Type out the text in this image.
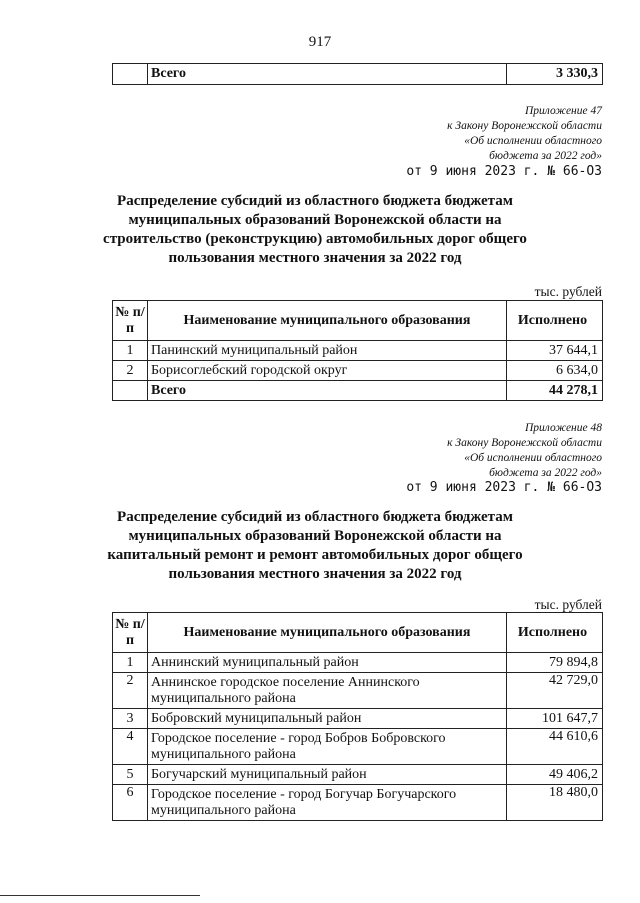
917
	Всего	3 330,3
Приложение 47
к Закону Воронежской области
«Об исполнении областного
бюджета за 2022 год»
от 9 июня 2023 г. № 66-ОЗ
Распределение субсидий из областного бюджета бюджетам муниципальных образований Воронежской области на строительство (реконструкцию) автомобильных дорог общего пользования местного значения за 2022 год
тыс. рублей
№ п/п	Наименование муниципального образования	Исполнено
1	Панинский муниципальный район	37 644,1
2	Борисоглебский городской округ	6 634,0
	Всего	44 278,1
Приложение 48
к Закону Воронежской области
«Об исполнении областного
бюджета за 2022 год»
от 9 июня 2023 г. № 66-ОЗ
Распределение субсидий из областного бюджета бюджетам муниципальных образований Воронежской области на капитальный ремонт и ремонт автомобильных дорог общего пользования местного значения за 2022 год
тыс. рублей
№ п/п	Наименование муниципального образования	Исполнено
1	Аннинский муниципальный район	79 894,8
2	Аннинское городское поселение Аннинского муниципального района	42 729,0
3	Бобровский муниципальный район	101 647,7
4	Городское поселение - город Бобров Бобровского муниципального района	44 610,6
5	Богучарский муниципальный район	49 406,2
6	Городское поселение - город Богучар Богучарского муниципального района	18 480,0
